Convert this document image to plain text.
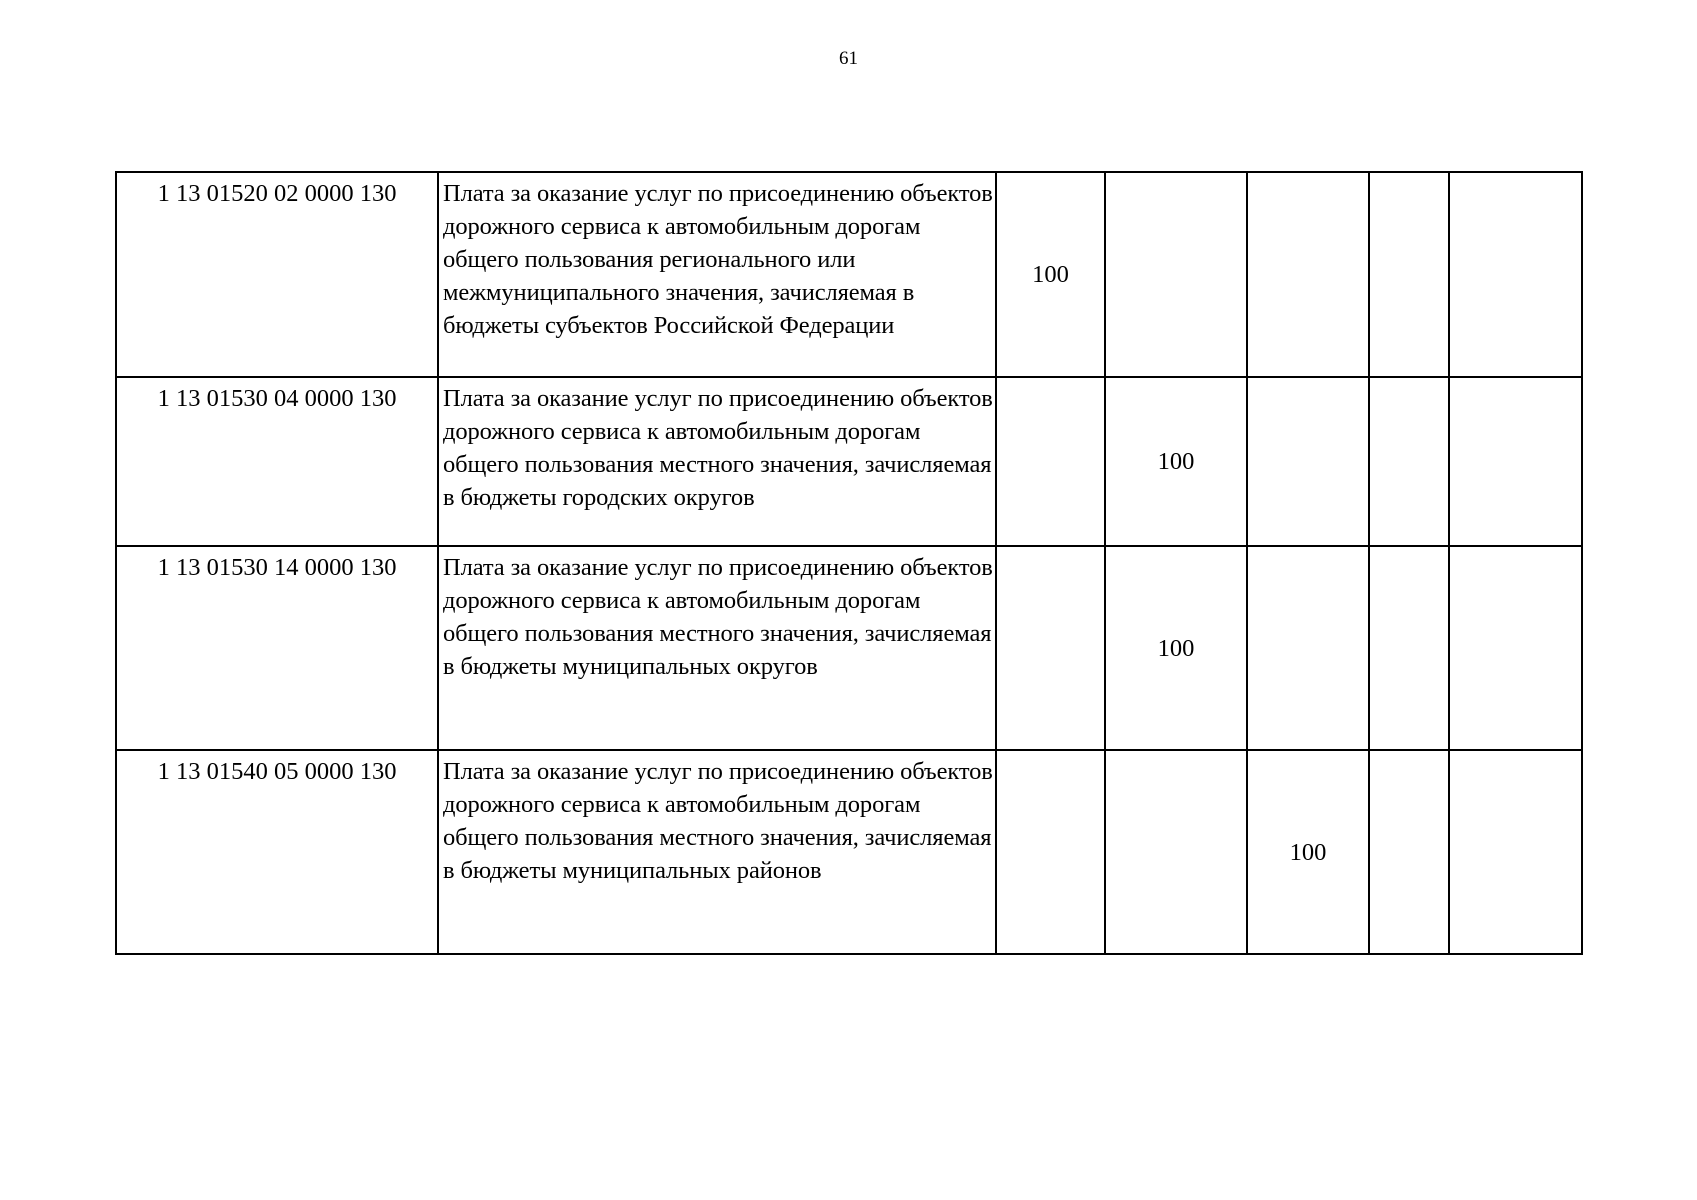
61
1 13 01520 02 0000 130	Плата за оказание услуг по присоединению объектов дорожного сервиса к автомобильным дорогам общего пользования регионального или межмуниципального значения, зачисляемая в бюджеты субъектов Российской Федерации	100				
1 13 01530 04 0000 130	Плата за оказание услуг по присоединению объектов дорожного сервиса к автомобильным дорогам общего пользования местного значения, зачисляемая в бюджеты городских округов		100			
1 13 01530 14 0000 130	Плата за оказание услуг по присоединению объектов дорожного сервиса к автомобильным дорогам общего пользования местного значения, зачисляемая в бюджеты муниципальных округов		100			
1 13 01540 05 0000 130	Плата за оказание услуг по присоединению объектов дорожного сервиса к автомобильным дорогам общего пользования местного значения, зачисляемая в бюджеты муниципальных районов			100		
